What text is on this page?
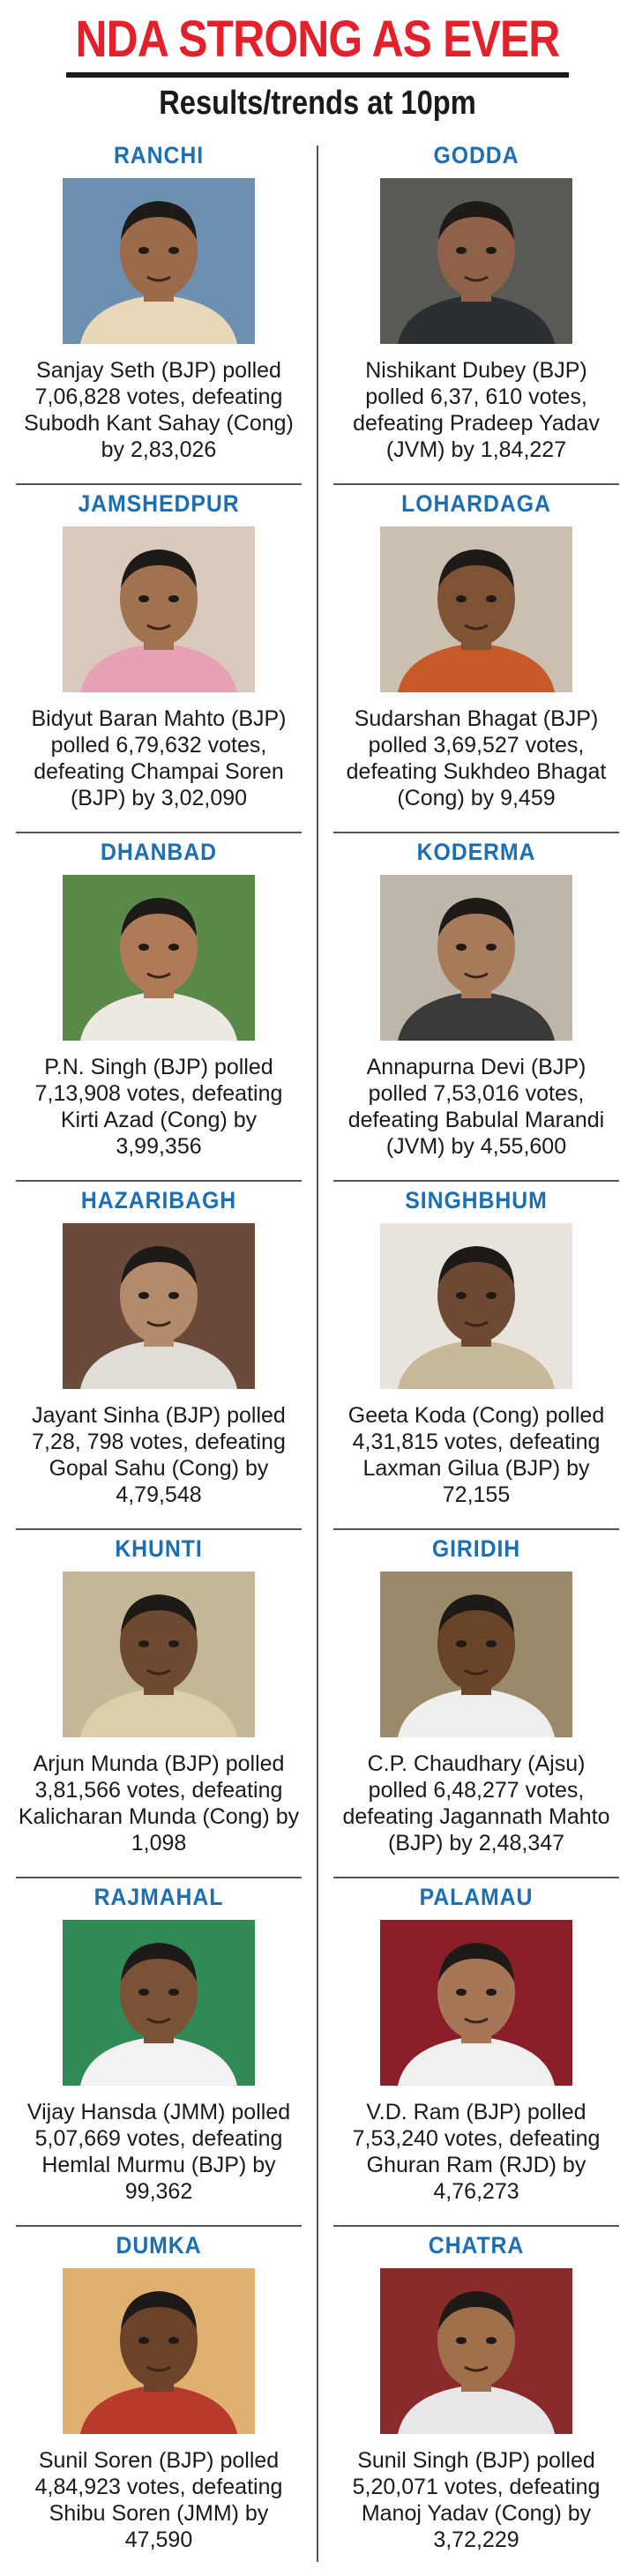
NDA STRONG AS EVER
Results/trends at 10pm
RANCHI
Sanjay Seth (BJP) polled 7,06,828 votes, defeating Subodh Kant Sahay (Cong) by 2,83,026
GODDA
Nishikant Dubey (BJP) polled 6,37, 610 votes, defeating Pradeep Yadav (JVM) by 1,84,227
JAMSHEDPUR
Bidyut Baran Mahto (BJP) polled 6,79,632 votes, defeating Champai Soren (BJP) by 3,02,090
LOHARDAGA
Sudarshan Bhagat (BJP) polled 3,69,527 votes, defeating Sukhdeo Bhagat (Cong) by 9,459
DHANBAD
P.N. Singh (BJP) polled 7,13,908 votes, defeating Kirti Azad (Cong) by 3,99,356
KODERMA
Annapurna Devi (BJP) polled 7,53,016 votes, defeating Babulal Marandi (JVM) by 4,55,600
HAZARIBAGH
Jayant Sinha (BJP) polled 7,28, 798 votes, defeating Gopal Sahu (Cong) by 4,79,548
SINGHBHUM
Geeta Koda (Cong) polled 4,31,815 votes, defeating Laxman Gilua (BJP) by 72,155
KHUNTI
Arjun Munda (BJP) polled 3,81,566 votes, defeating Kalicharan Munda (Cong) by 1,098
GIRIDIH
C.P. Chaudhary (Ajsu) polled 6,48,277 votes, defeating Jagannath Mahto (BJP) by 2,48,347
RAJMAHAL
Vijay Hansda (JMM) polled 5,07,669 votes, defeating Hemlal Murmu (BJP) by 99,362
PALAMAU
V.D. Ram (BJP) polled 7,53,240 votes, defeating Ghuran Ram (RJD) by 4,76,273
DUMKA
Sunil Soren (BJP) polled 4,84,923 votes, defeating Shibu Soren (JMM) by 47,590
CHATRA
Sunil Singh (BJP) polled 5,20,071 votes, defeating Manoj Yadav (Cong) by 3,72,229
